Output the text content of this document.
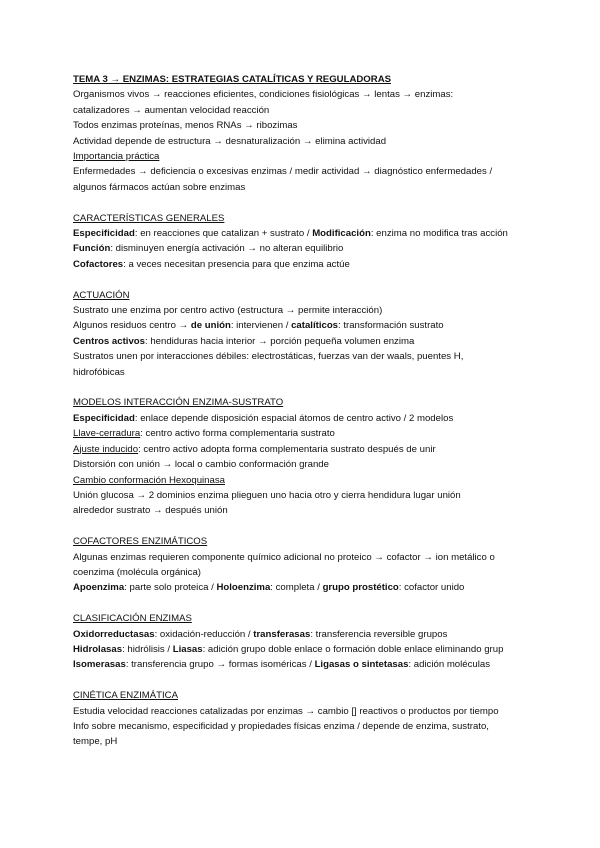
TEMA 3 → ENZIMAS: ESTRATEGIAS CATALÍTICAS Y REGULADORAS
Organismos vivos → reacciones eficientes, condiciones fisiológicas → lentas → enzimas:
catalizadores → aumentan velocidad reacción
Todos enzimas proteínas, menos RNAs → ribozimas
Actividad depende de estructura → desnaturalización → elimina actividad
Importancia práctica
Enfermedades → deficiencia o excesivas enzimas / medir actividad → diagnóstico enfermedades /
algunos fármacos actúan sobre enzimas
CARACTERÍSTICAS GENERALES
Especificidad: en reacciones que catalizan + sustrato / Modificación: enzima no modifica tras acción
Función: disminuyen energía activación → no alteran equilibrio
Cofactores: a veces necesitan presencia para que enzima actúe
ACTUACIÓN
Sustrato une enzima por centro activo (estructura → permite interacción)
Algunos residuos centro → de unión: intervienen / catalíticos: transformación sustrato
Centros activos: hendiduras hacia interior → porción pequeña volumen enzima
Sustratos unen por interacciones débiles: electrostáticas, fuerzas van der waals, puentes H,
hidrofóbicas
MODELOS INTERACCIÓN ENZIMA-SUSTRATO
Especificidad: enlace depende disposición espacial átomos de centro activo / 2 modelos
Llave-cerradura: centro activo forma complementaria sustrato
Ajuste inducido: centro activo adopta forma complementaria sustrato después de unir
Distorsión con unión → local o cambio conformación grande
Cambio conformación Hexoquinasa
Unión glucosa → 2 dominios enzima plieguen uno hacia otro y cierra hendidura lugar unión
alrededor sustrato → después unión
COFACTORES ENZIMÁTICOS
Algunas enzimas requieren componente químico adicional no proteico → cofactor → ion metálico o
coenzima (molécula orgánica)
Apoenzima: parte solo proteica / Holoenzima: completa / grupo prostético: cofactor unido
CLASIFICACIÓN ENZIMAS
Oxidorreductasas: oxidación-reducción / transferasas: transferencia reversible grupos
Hidrolasas: hidrólisis / Liasas: adición grupo doble enlace o formación doble enlace eliminando grup
Isomerasas: transferencia grupo → formas isoméricas / Ligasas o sintetasas: adición moléculas
CINÉTICA ENZIMÁTICA
Estudia velocidad reacciones catalizadas por enzimas → cambio [] reactivos o productos por tiempo
Info sobre mecanismo, especificidad y propiedades físicas enzima / depende de enzima, sustrato,
tempe, pH
